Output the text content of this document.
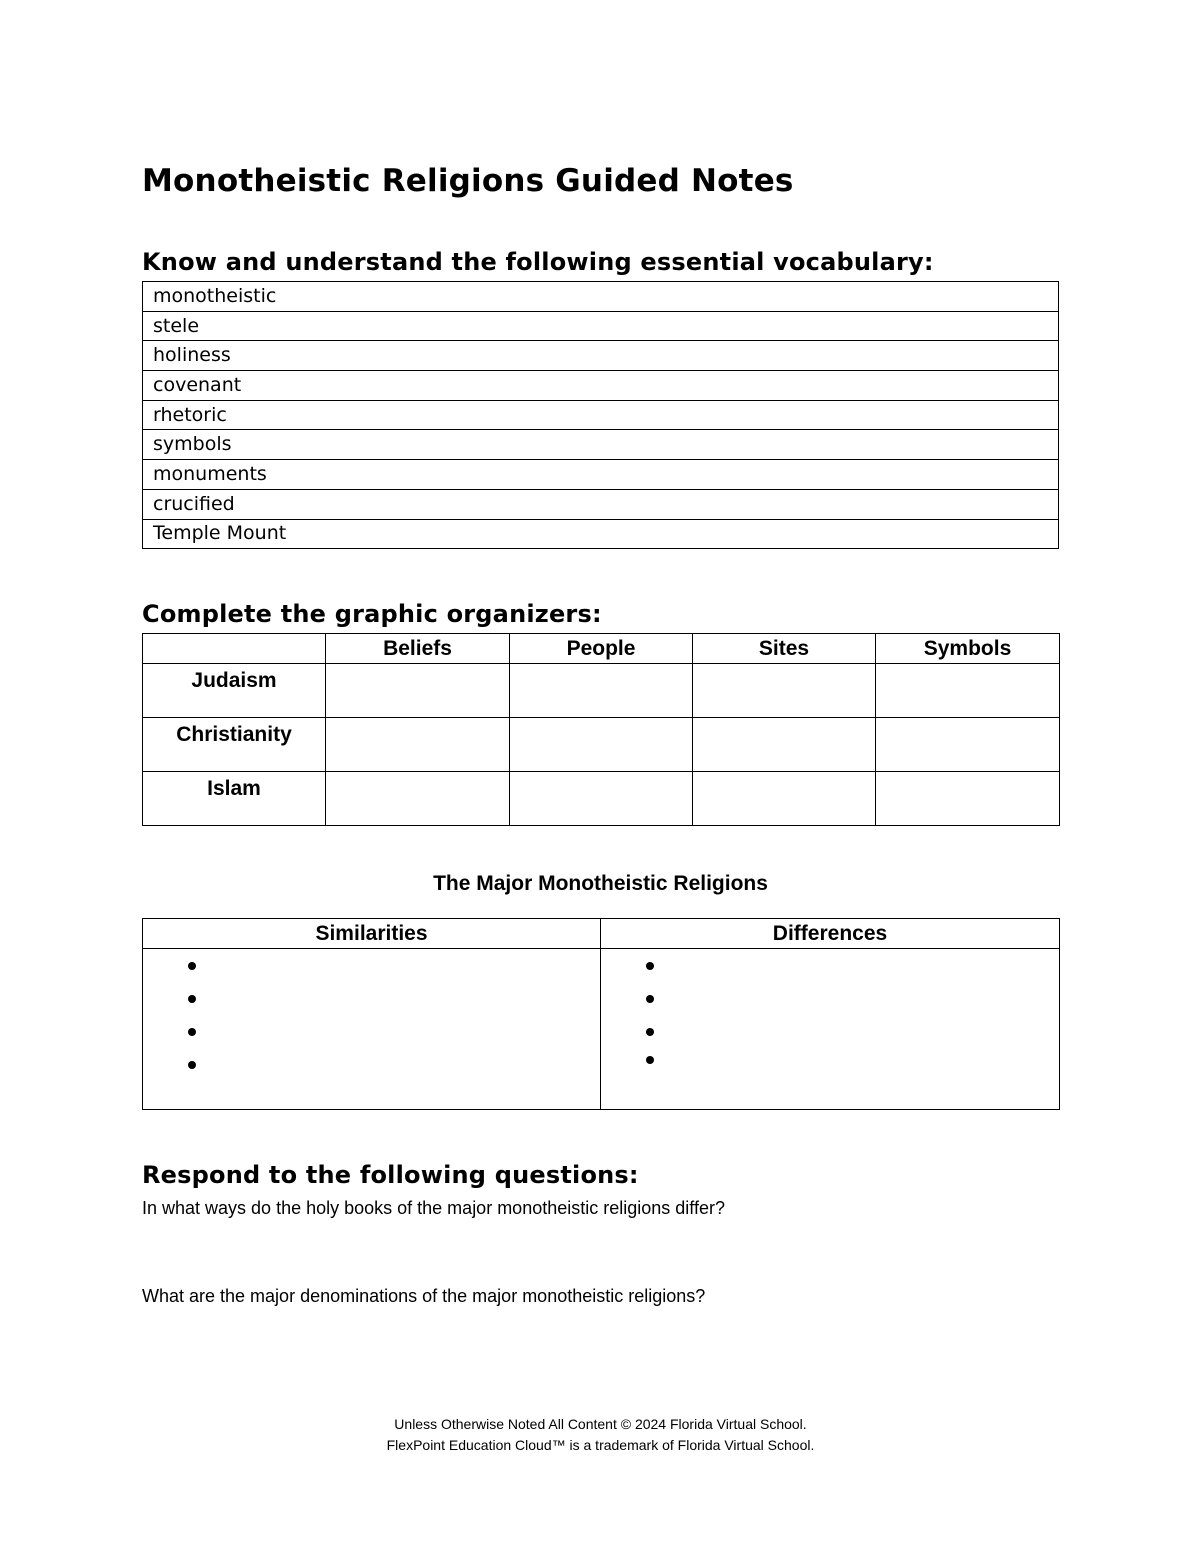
Monotheistic Religions Guided Notes
Know and understand the following essential vocabulary:
monotheistic
stele
holiness
covenant
rhetoric
symbols
monuments
crucified
Temple Mount
Complete the graphic organizers:
	Beliefs	People	Sites	Symbols
Judaism				
Christianity				
Islam				

The Major Monotheistic Religions

Similarities	Differences

Respond to the following questions:

In what ways do the holy books of the major monotheistic religions differ?

What are the major denominations of the major monotheistic religions?

Unless Otherwise Noted All Content © 2024 Florida Virtual School.

FlexPoint Education Cloud™ is a trademark of Florida Virtual School.
